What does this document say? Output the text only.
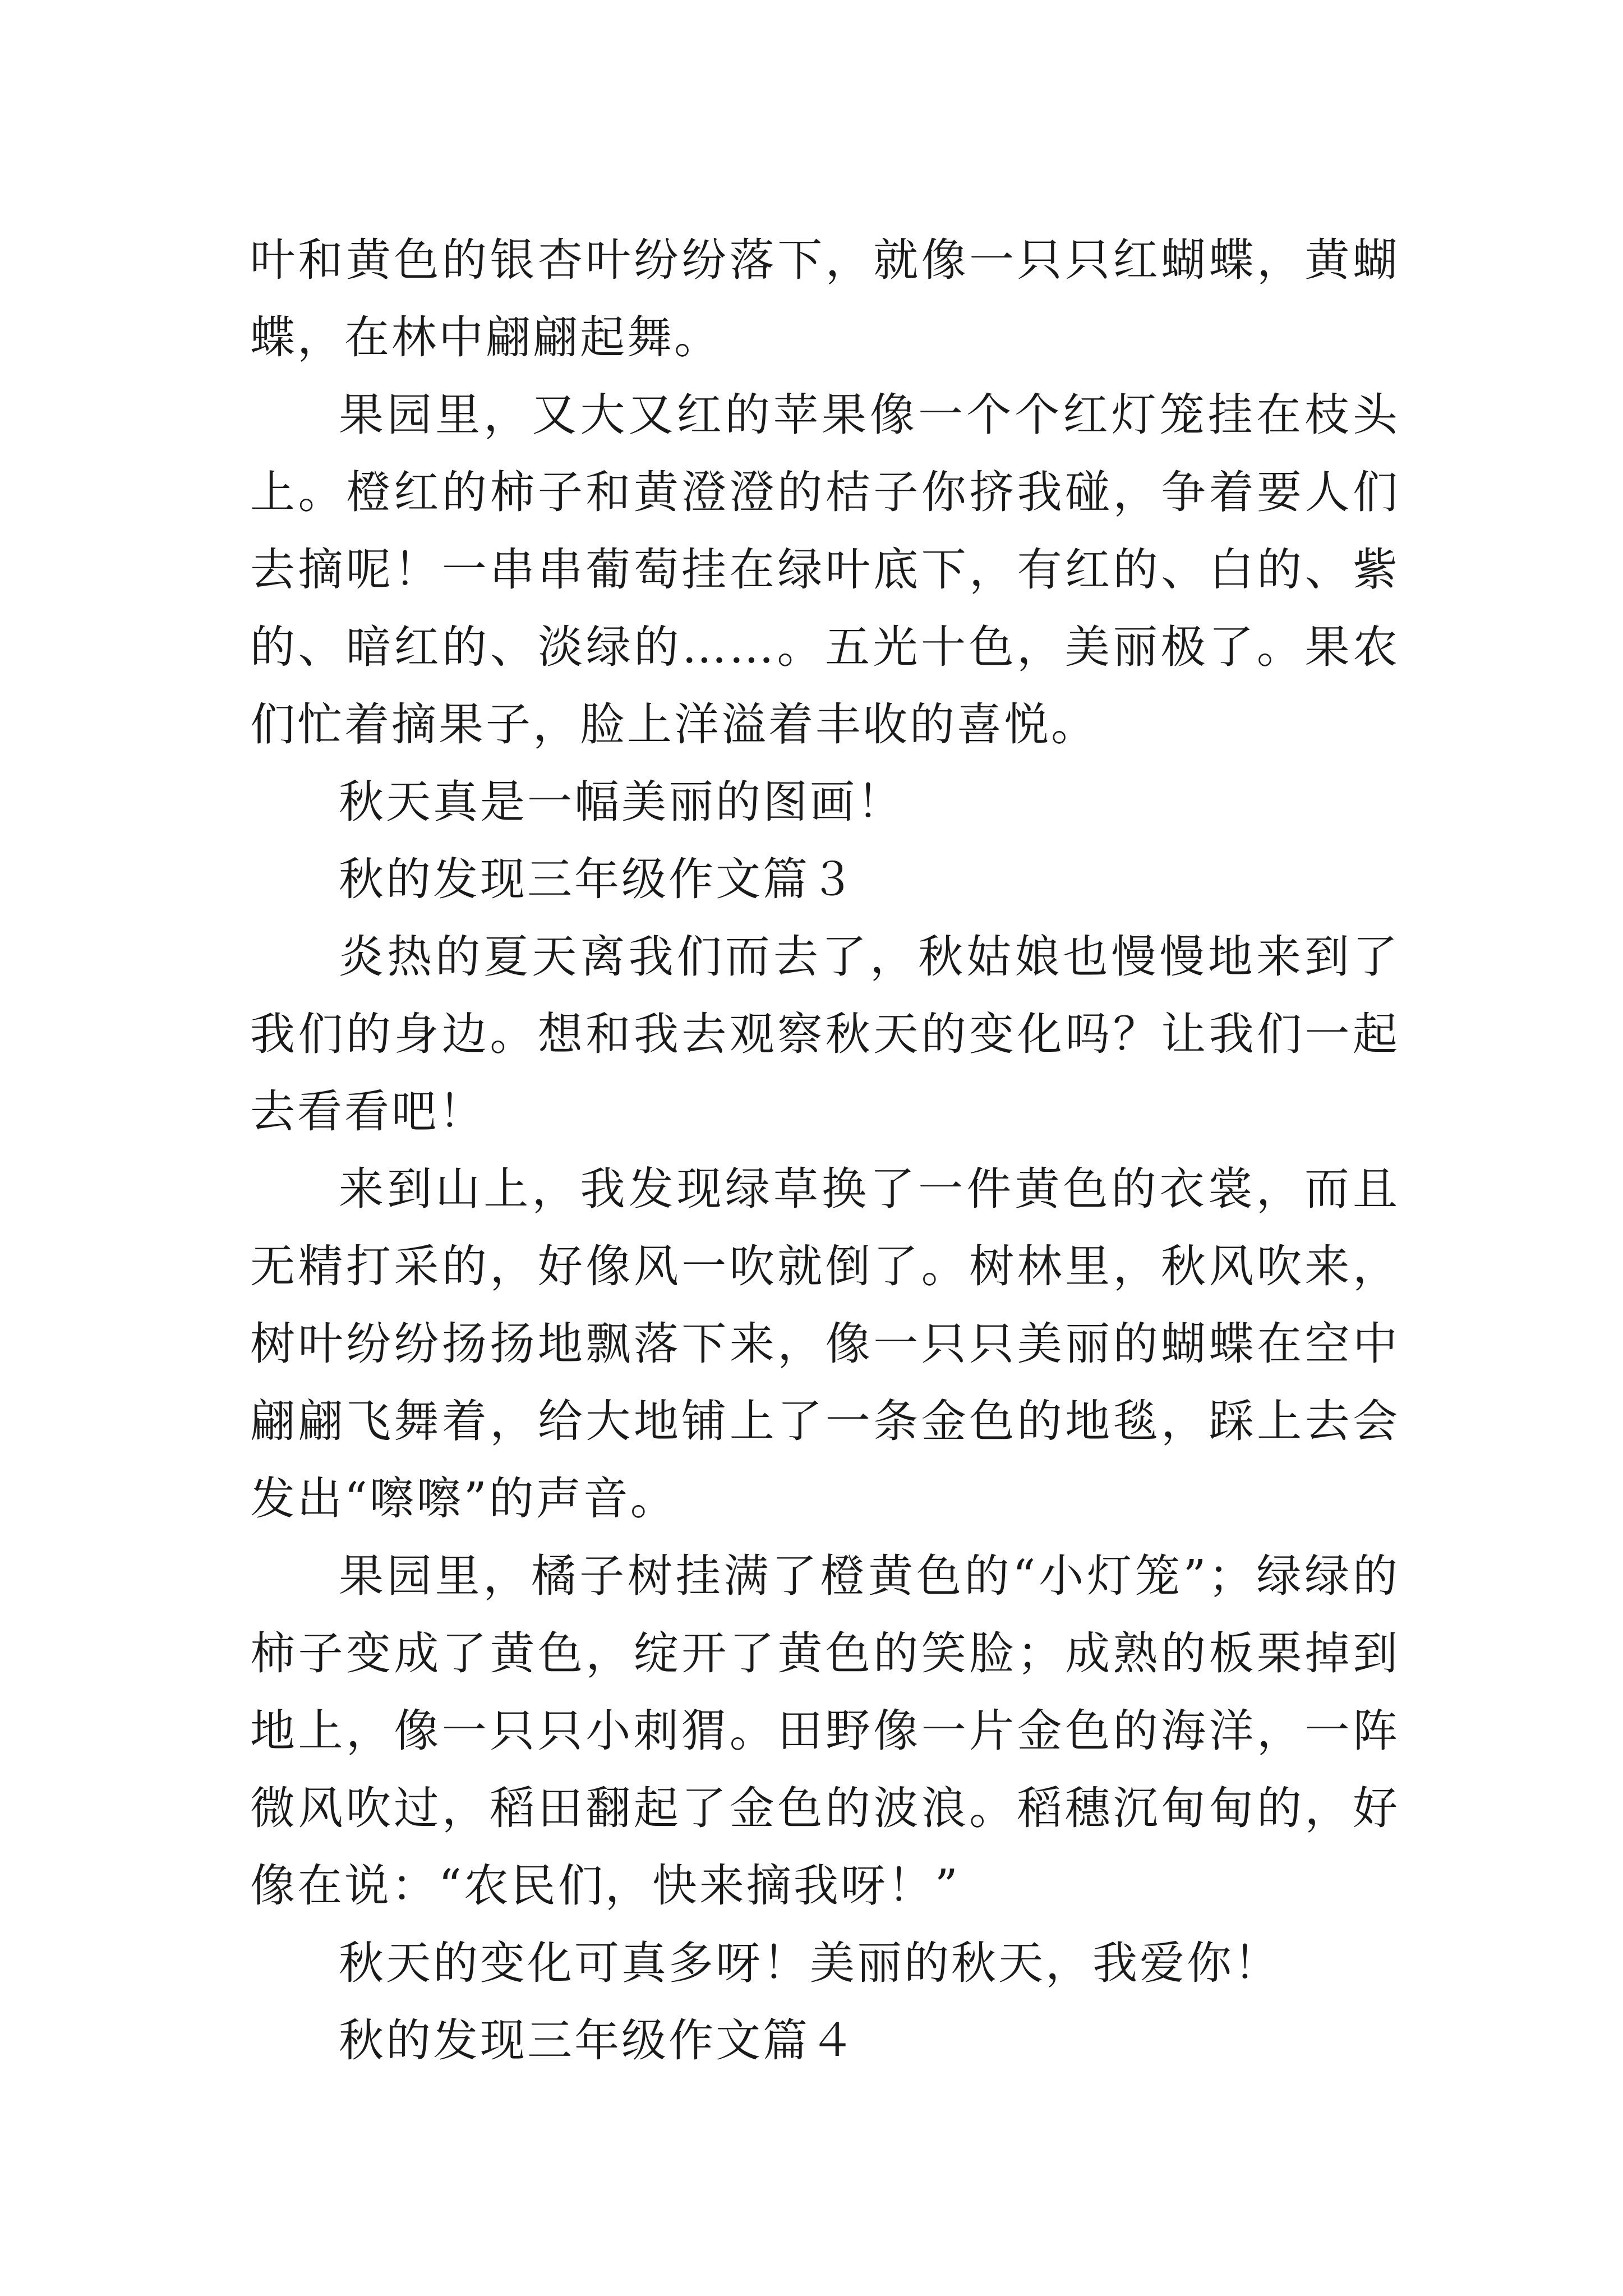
叶和黄色的银杏叶纷纷落下，就像一只只红蝴蝶，黄蝴蝶，在林中翩翩起舞。

果园里，又大又红的苹果像一个个红灯笼挂在枝头上。橙红的柿子和黄澄澄的桔子你挤我碰，争着要人们去摘呢！一串串葡萄挂在绿叶底下，有红的、白的、紫的、暗红的、淡绿的……。五光十色，美丽极了。果农们忙着摘果子，脸上洋溢着丰收的喜悦。

秋天真是一幅美丽的图画！

秋的发现三年级作文篇３

炎热的夏天离我们而去了，秋姑娘也慢慢地来到了我们的身边。想和我去观察秋天的变化吗？让我们一起去看看吧！

来到山上，我发现绿草换了一件黄色的衣裳，而且无精打采的，好像风一吹就倒了。树林里，秋风吹来，树叶纷纷扬扬地飘落下来，像一只只美丽的蝴蝶在空中翩翩飞舞着，给大地铺上了一条金色的地毯，踩上去会发出“嚓嚓”的声音。

果园里，橘子树挂满了橙黄色的“小灯笼”；绿绿的柿子变成了黄色，绽开了黄色的笑脸；成熟的板栗掉到地上，像一只只小刺猬。田野像一片金色的海洋，一阵微风吹过，稻田翻起了金色的波浪。稻穗沉甸甸的，好像在说：“农民们，快来摘我呀！”

秋天的变化可真多呀！美丽的秋天，我爱你！

秋的发现三年级作文篇４
